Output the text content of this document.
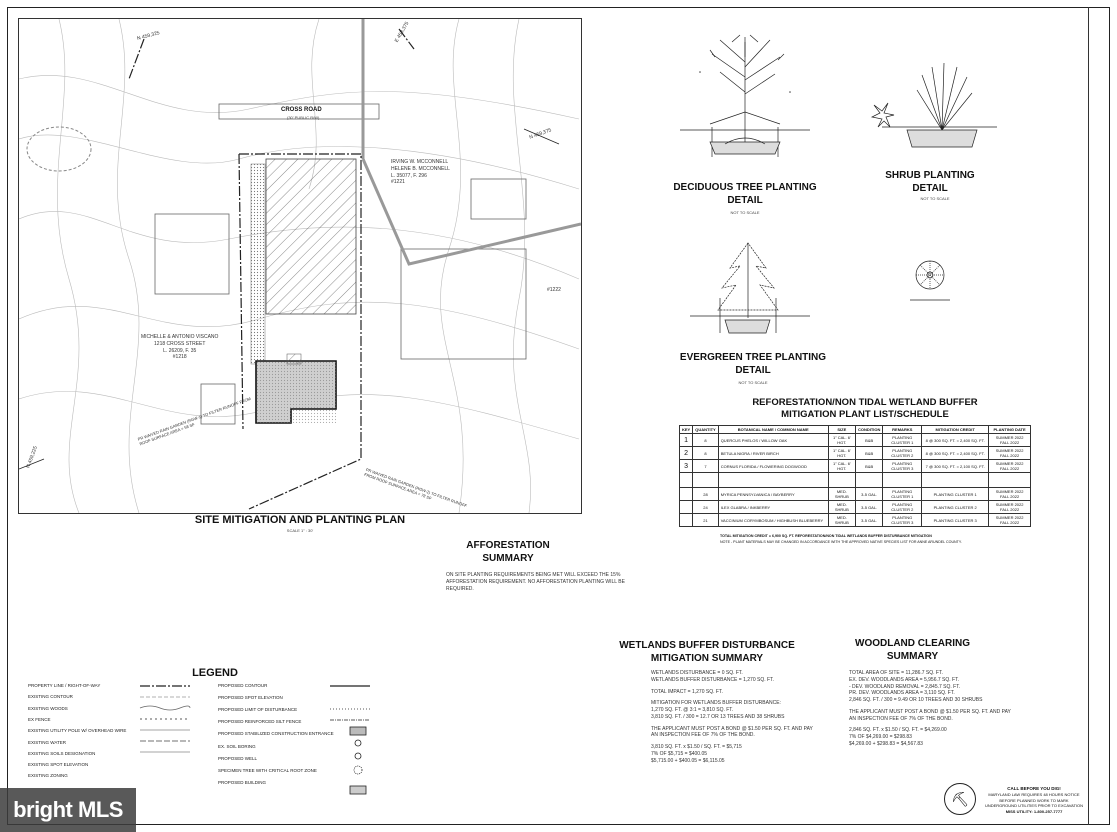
CROSS ROAD
(30' PUBLIC R/W)
IRVING W. MCCONNELL
HELENE B. MCCONNELL
L. 35077, F. 296
#1221
MICHELLE & ANTONIO VISCANO
1218 CROSS STREET
L. 26209, F. 35
#1218
#1222
PR WAIVED RAIN GARDEN (RGW-1) TO FILTER RUNOFF FROM ROOF SURFACE AREA = 58 SF
PR WAIVED RAIN GARDEN (RGW-2) TO FILTER RUNOFF FROM ROOF SURFACE AREA = 78 SF
N 459,325
N 459,375
E 458,375
N 459,225
SITE MITIGATION AND PLANTING PLAN
SCALE 1" : 30'
DECIDUOUS TREE PLANTING DETAIL
NOT TO SCALE
SHRUB PLANTING DETAIL
NOT TO SCALE
EVERGREEN TREE PLANTING DETAIL
NOT TO SCALE
REFORESTATION/NON TIDAL WETLAND BUFFER
MITIGATION PLANT LIST/SCHEDULE
KEY	QUANTITY	BOTANICAL NAME / COMMON NAME	SIZE	CONDITION	REMARKS	MITIGATION CREDIT	PLANTING DATE
1	8	QUERCUS PHELOS / WILLOW OAK	1" CAL. 6' HGT.	B&B	PLANTING CLUSTER 1	8 @ 300 SQ. FT. = 2,400 SQ. FT.	SUMMER 2022 FALL 2022
2	8	BETULA NIGRA / RIVER BIRCH	1" CAL. 6' HGT.	B&B	PLANTING CLUSTER 2	8 @ 300 SQ. FT. = 2,400 SQ. FT.	SUMMER 2022 FALL 2022
3	7	CORNUS FLORIDA / FLOWERING DOGWOOD	1" CAL. 6' HGT.	B&B	PLANTING CLUSTER 3	7 @ 300 SQ. FT. = 2,100 SQ. FT.	SUMMER 2022 FALL 2022

	28	MYRICA PENNSYLVANICA / BAYBERRY	MED. SHRUB	3-5 GAL.	PLANTING CLUSTER 1	PLANTING CLUSTER 1	SUMMER 2022 FALL 2022
	24	ILEX GLABRA / INKBERRY	MED. SHRUB	3-5 GAL.	PLANTING CLUSTER 2	PLANTING CLUSTER 2	SUMMER 2022 FALL 2022
	21	VACCINIUM CORYMBOSUM / HIGHBUSH BLUEBERRY	MED. SHRUB	3-5 GAL.	PLANTING CLUSTER 3	PLANTING CLUSTER 3	SUMMER 2022 FALL 2022
TOTAL MITIGATION CREDIT = 6,900 SQ. FT. REFORESTATION/NON TIDAL WETLANDS BUFFER DISTURBANCE MITIGATION
NOTE - PLANT MATERIALS MAY BE CHANGED IN ACCORDANCE WITH THE APPROVED NATIVE SPECIES LIST FOR ANNE ARUNDEL COUNTY.
AFFORESTATION SUMMARY
ON SITE PLANTING REQUIREMENTS BEING MET WILL EXCEED THE 15% AFFORESTATION REQUIREMENT. NO AFFORESTATION PLANTING WILL BE REQUIRED.
WETLANDS BUFFER DISTURBANCE MITIGATION SUMMARY
WETLANDS DISTURBANCE = 0 SQ. FT.
WETLANDS BUFFER DISTURBANCE = 1,270 SQ. FT.
TOTAL IMPACT = 1,270 SQ. FT.
MITIGATION FOR WETLANDS BUFFER DISTURBANCE:
1,270 SQ. FT. @ 3:1 = 3,810 SQ. FT.
3,810 SQ. FT. / 300 = 12.7 OR 13 TREES AND 38 SHRUBS
THE APPLICANT MUST POST A BOND @ $1.50 PER SQ. FT. AND PAY
AN INSPECTION FEE OF 7% OF THE BOND.
3,810 SQ. FT. x $1.50 / SQ. FT. = $5,715
7% OF $5,715 = $400.05
$5,715.00 + $400.05 = $6,115.05
WOODLAND CLEARING SUMMARY
TOTAL AREA OF SITE = 11,286.7 SQ. FT.
EX. DEV. WOODLANDS AREA = 5,956.7 SQ. FT.
- DEV. WOODLAND REMOVAL = 2,845.7 SQ. FT.
PR. DEV. WOODLANDS AREA = 3,110 SQ. FT.
2,846 SQ. FT. / 300 = 9.49 OR 10 TREES AND 30 SHRUBS
THE APPLICANT MUST POST A BOND @ $1.50 PER SQ. FT. AND PAY
AN INSPECTION FEE OF 7% OF THE BOND.
2,846 SQ. FT. x $1.50 / SQ. FT. = $4,269.00
7% OF $4,269.00 = $298.83
$4,269.00 + $298.83 = $4,567.83
LEGEND
PROPERTY LINE / RIGHT-OF-WAY
EXISTING CONTOUR
EXISTING WOODS
EX FENCE
EXISTING UTILITY POLE W/ OVERHEAD WIRE
EXISTING WATER
EXISTING SOILS DESIGNATION
EXISTING SPOT ELEVATION
EXISTING ZONING
PROPOSED CONTOUR
PROPOSED SPOT ELEVATION
PROPOSED LIMIT OF DISTURBANCE
PROPOSED REINFORCED SILT FENCE
PROPOSED STABILIZED CONSTRUCTION ENTRANCE
EX. SOIL BORING
PROPOSED WELL
SPECIMEN TREE WITH CRITICAL ROOT ZONE
PROPOSED BUILDING
⛏
CALL BEFORE YOU DIG!
MARYLAND LAW REQUIRES 48 HOURS NOTICE
BEFORE PLANNED WORK TO MARK
UNDERGROUND UTILITIES PRIOR TO EXCAVATION
MISS UTILITY: 1-800-257-7777
bright MLS
